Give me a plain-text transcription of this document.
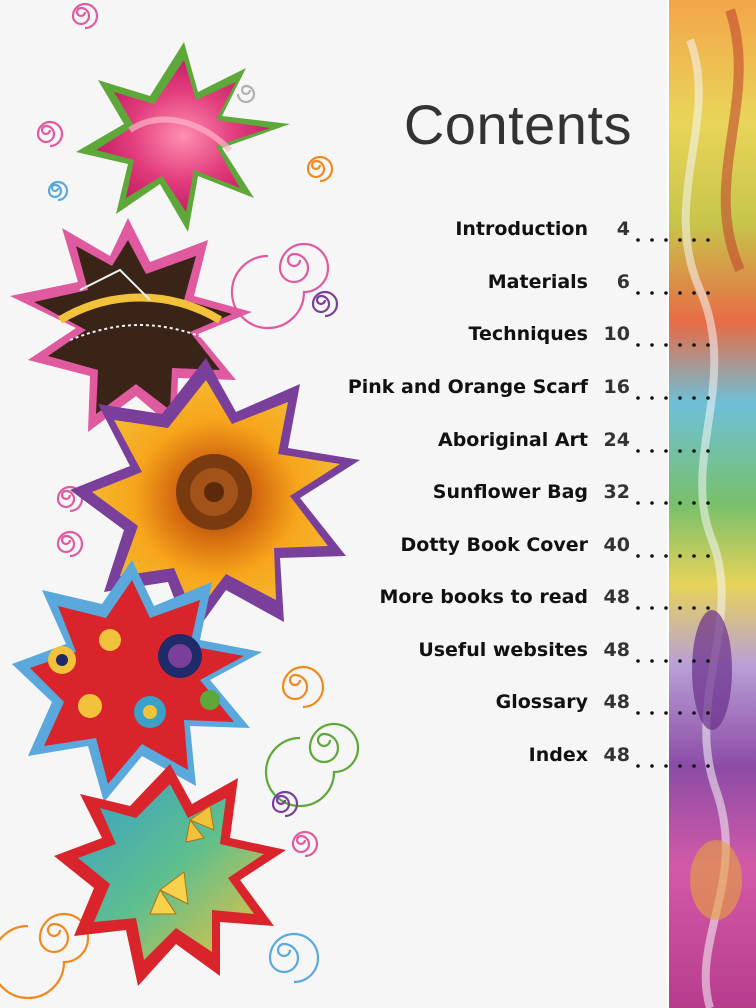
Contents
Introduction	4
Materials	6
Techniques 10
Pink and Orange Scarf 16
Aboriginal Art 24
Sunflower Bag 32
Dotty Book Cover 40
More books to read 48
Useful websites 48
Glossary 48
Index 48
